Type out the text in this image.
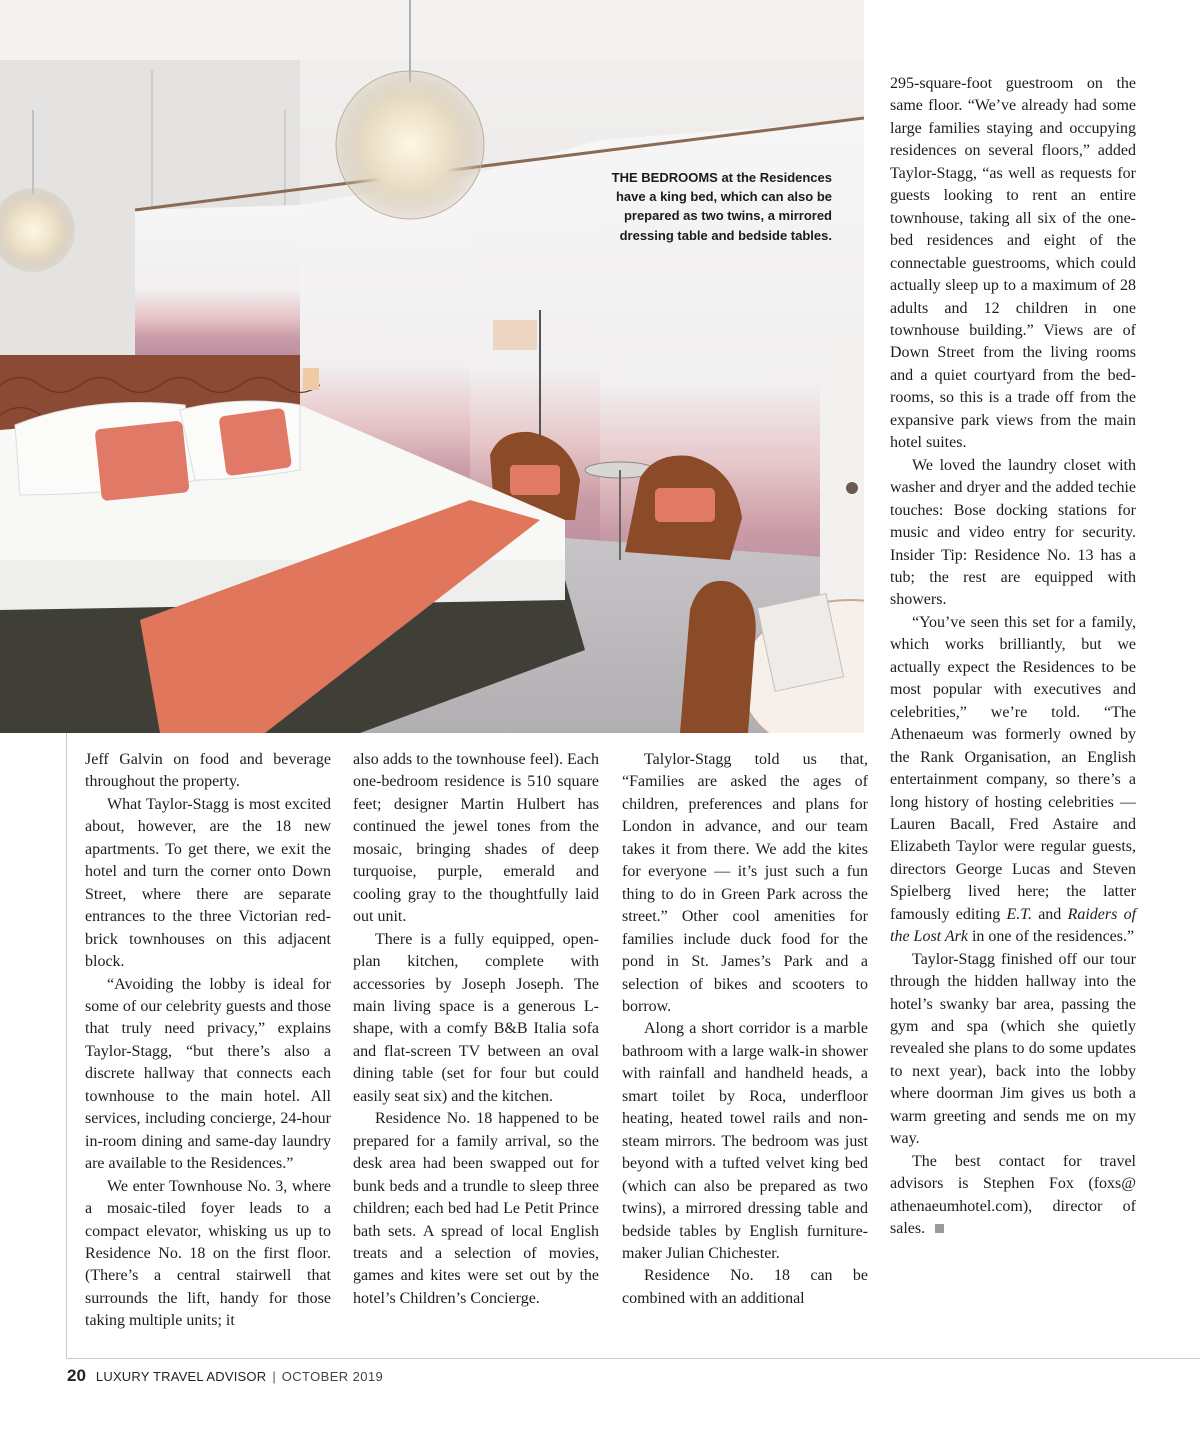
THE BEDROOMS at the Residences have a king bed, which can also be prepared as two twins, a mirrored dressing table and bedside tables.

Jeff Galvin on food and beverage throughout the property.

What Taylor-Stagg is most excited about, however, are the 18 new apartments. To get there, we exit the hotel and turn the corner onto Down Street, where there are separate entrances to the three Victorian red-brick townhouses on this adjacent block.

“Avoiding the lobby is ideal for some of our celebrity guests and those that truly need privacy,” explains Taylor-Stagg, “but there’s also a discrete hallway that connects each townhouse to the main hotel. All services, including concierge, 24-hour in-room dining and same-day laundry are available to the Residences.”

We enter Townhouse No. 3, where a mosaic-tiled foyer leads to a compact elevator, whisking us up to Residence No. 18 on the first floor. (There’s a central stairwell that surrounds the lift, handy for those taking multiple units; it

also adds to the townhouse feel). Each one-bedroom residence is 510 square feet; designer Martin Hulbert has continued the jewel tones from the mosaic, bringing shades of deep turquoise, purple, emerald and cooling gray to the thoughtfully laid out unit.

There is a fully equipped, open-plan kitchen, complete with accessories by Joseph Joseph. The main living space is a generous L-shape, with a comfy B&B Italia sofa and flat-screen TV between an oval dining table (set for four but could easily seat six) and the kitchen.

Residence No. 18 happened to be prepared for a family arrival, so the desk area had been swapped out for bunk beds and a trundle to sleep three children; each bed had Le Petit Prince bath sets. A spread of local English treats and a selection of movies, games and kites were set out by the hotel’s Children’s Concierge.

Talylor-Stagg told us that, “Families are asked the ages of children, preferences and plans for London in advance, and our team takes it from there. We add the kites for everyone — it’s just such a fun thing to do in Green Park across the street.” Other cool amenities for families include duck food for the pond in St. James’s Park and a selection of bikes and scooters to borrow.

Along a short corridor is a marble bathroom with a large walk-in shower with rainfall and handheld heads, a smart toilet by Roca, underfloor heating, heated towel rails and non-steam mirrors. The bedroom was just beyond with a tufted velvet king bed (which can also be prepared as two twins), a mirrored dressing table and bedside tables by English furniture-maker Julian Chichester.

Residence No. 18 can be combined with an additional

295-square-foot guestroom on the same floor. “We’ve already had some large families staying and occupying residences on several floors,” added Taylor-Stagg, “as well as requests for guests looking to rent an entire townhouse, taking all six of the one-bed residences and eight of the connectable guestrooms, which could actually sleep up to a maximum of 28 adults and 12 children in one townhouse building.” Views are of Down Street from the living rooms and a quiet courtyard from the bedrooms, so this is a trade off from the expansive park views from the main hotel suites.

We loved the laundry closet with washer and dryer and the added techie touches: Bose docking stations for music and video entry for security. Insider Tip: Residence No. 13 has a tub; the rest are equipped with showers.

“You’ve seen this set for a family, which works brilliantly, but we actually expect the Residences to be most popular with executives and celebrities,” we’re told. “The Athenaeum was formerly owned by the Rank Organisation, an English entertainment company, so there’s a long history of hosting celebrities — Lauren Bacall, Fred Astaire and Elizabeth Taylor were regular guests, directors George Lucas and Steven Spielberg lived here; the latter famously editing E.T. and Raiders of the Lost Ark in one of the residences.”

Taylor-Stagg finished off our tour through the hidden hallway into the hotel’s swanky bar area, passing the gym and spa (which she quietly revealed she plans to do some updates to next year), back into the lobby where doorman Jim gives us both a warm greeting and sends me on my way.

The best contact for travel advisors is Stephen Fox (foxs@ athenaeumhotel.com), director of sales.

20 LUXURY TRAVEL ADVISOR | OCTOBER 2019
